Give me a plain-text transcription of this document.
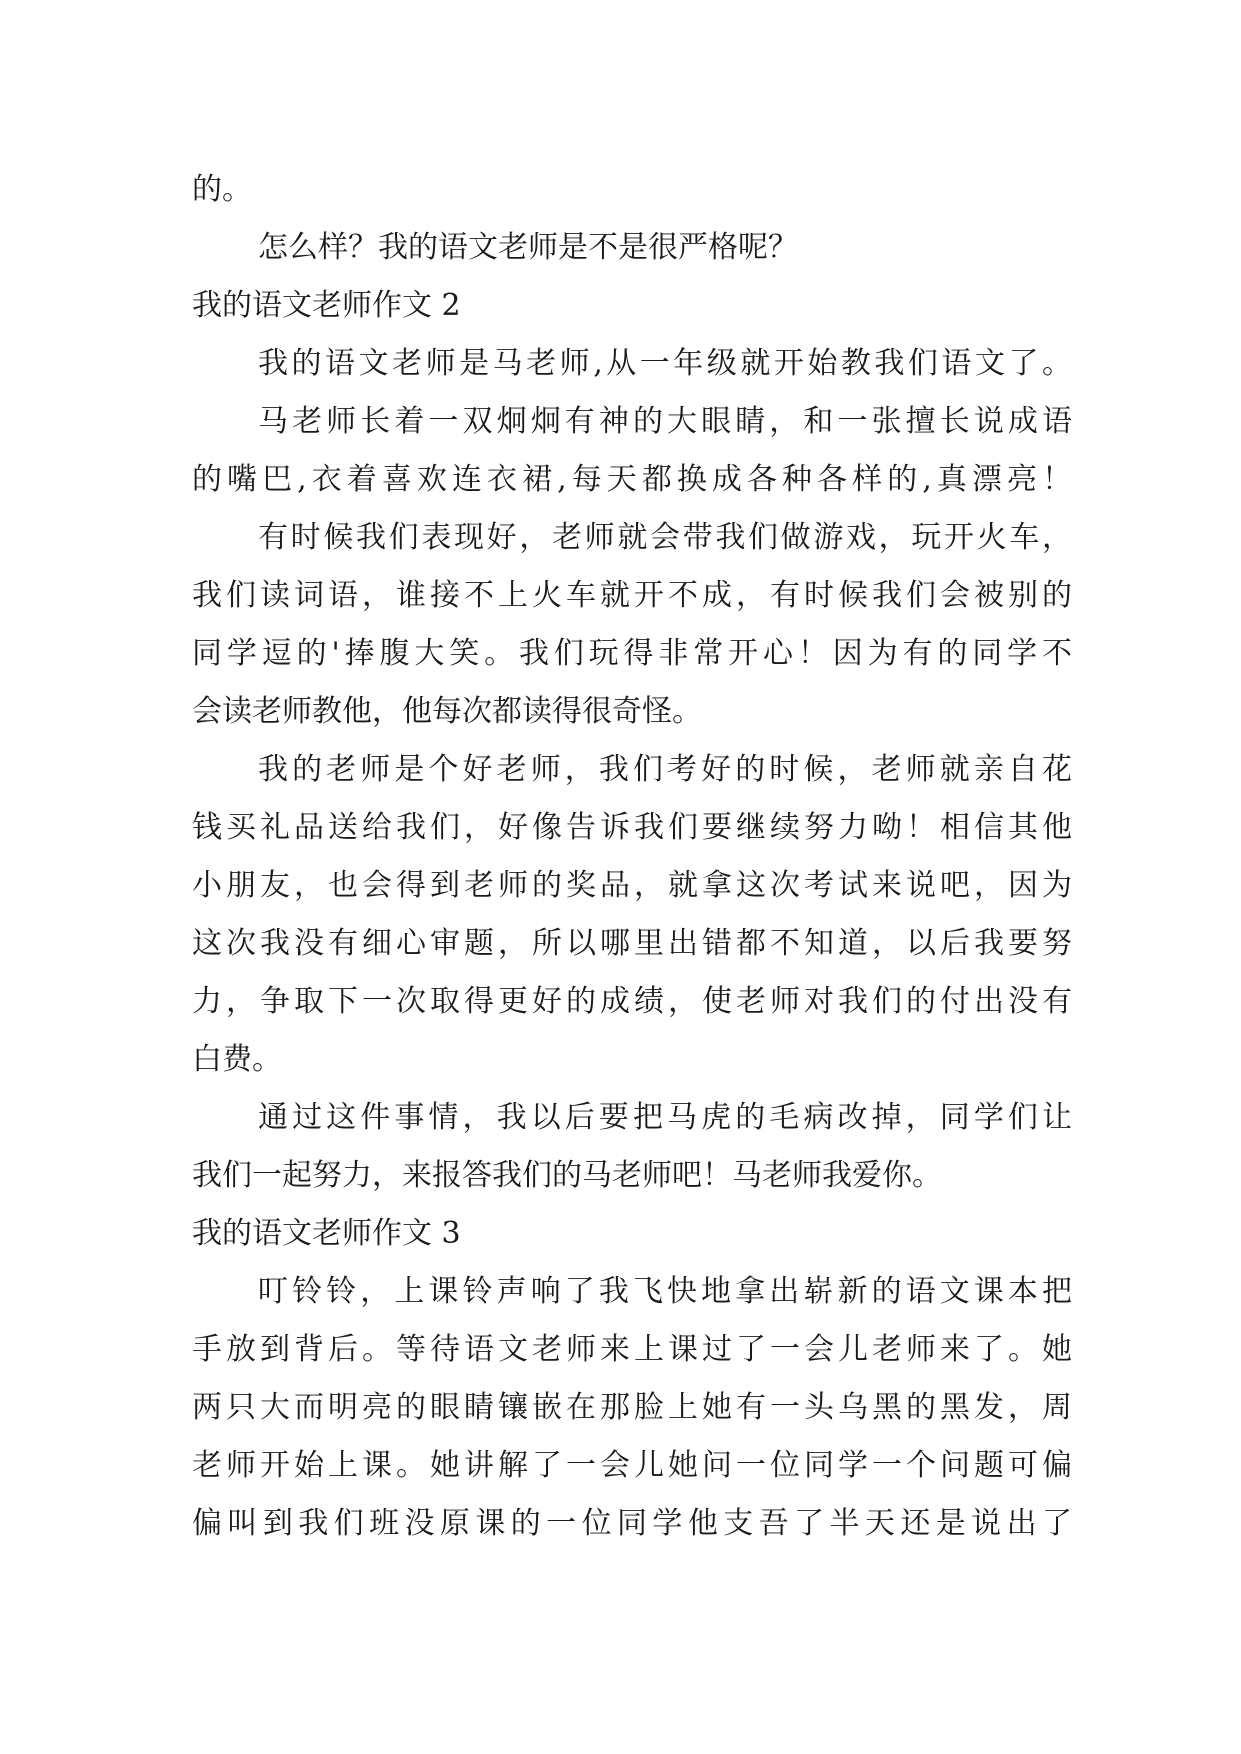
的。
怎么样？我的语文老师是不是很严格呢？
我的语文老师作文 2
我的语文老师是马老师,从一年级就开始教我们语文了。
马老师长着一双炯炯有神的大眼睛，和一张擅长说成语
的嘴巴,衣着喜欢连衣裙,每天都换成各种各样的,真漂亮！
有时候我们表现好，老师就会带我们做游戏，玩开火车，
我们读词语，谁接不上火车就开不成，有时候我们会被别的
同学逗的'捧腹大笑。我们玩得非常开心！因为有的同学不
会读老师教他，他每次都读得很奇怪。
我的老师是个好老师，我们考好的时候，老师就亲自花
钱买礼品送给我们，好像告诉我们要继续努力呦！相信其他
小朋友，也会得到老师的奖品，就拿这次考试来说吧，因为
这次我没有细心审题，所以哪里出错都不知道，以后我要努
力，争取下一次取得更好的成绩，使老师对我们的付出没有
白费。
通过这件事情，我以后要把马虎的毛病改掉，同学们让
我们一起努力，来报答我们的马老师吧！马老师我爱你。
我的语文老师作文 3
叮铃铃，上课铃声响了我飞快地拿出崭新的语文课本把
手放到背后。等待语文老师来上课过了一会儿老师来了。她
两只大而明亮的眼睛镶嵌在那脸上她有一头乌黑的黑发，周
老师开始上课。她讲解了一会儿她问一位同学一个问题可偏
偏叫到我们班没原课的一位同学他支吾了半天还是说出了
